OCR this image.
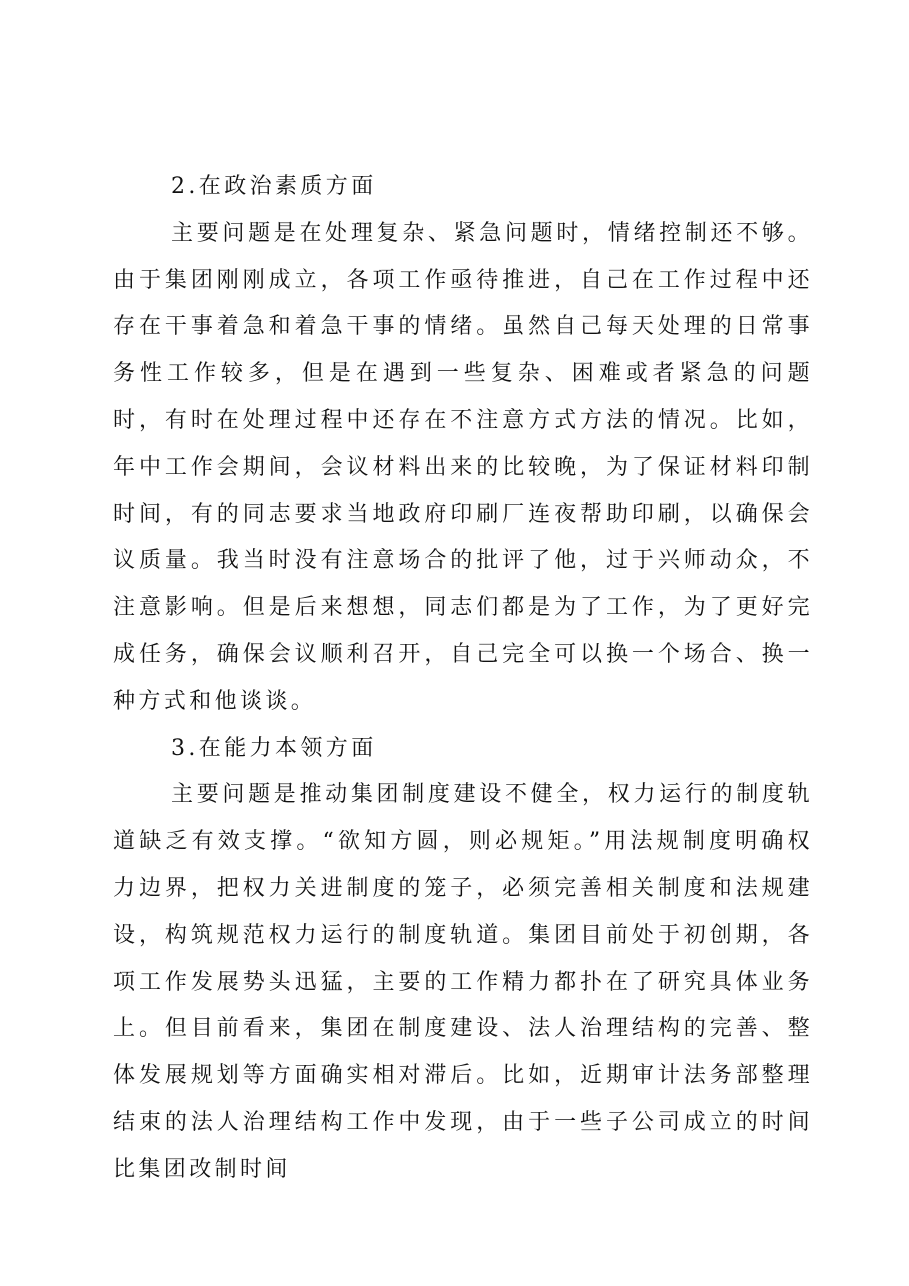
2.在政治素质方面

主要问题是在处理复杂、紧急问题时，情绪控制还不够。由于集团刚刚成立，各项工作亟待推进，自己在工作过程中还存在干事着急和着急干事的情绪。虽然自己每天处理的日常事务性工作较多，但是在遇到一些复杂、困难或者紧急的问题时，有时在处理过程中还存在不注意方式方法的情况。比如，年中工作会期间，会议材料出来的比较晚，为了保证材料印制时间，有的同志要求当地政府印刷厂连夜帮助印刷，以确保会议质量。我当时没有注意场合的批评了他，过于兴师动众，不注意影响。但是后来想想，同志们都是为了工作，为了更好完成任务，确保会议顺利召开，自己完全可以换一个场合、换一种方式和他谈谈。

3.在能力本领方面

主要问题是推动集团制度建设不健全，权力运行的制度轨道缺乏有效支撑。“欲知方圆，则必规矩。”用法规制度明确权力边界，把权力关进制度的笼子，必须完善相关制度和法规建设，构筑规范权力运行的制度轨道。集团目前处于初创期，各项工作发展势头迅猛，主要的工作精力都扑在了研究具体业务上。但目前看来，集团在制度建设、法人治理结构的完善、整体发展规划等方面确实相对滞后。比如，近期审计法务部整理结束的法人治理结构工作中发现，由于一些子公司成立的时间比集团改制时间
